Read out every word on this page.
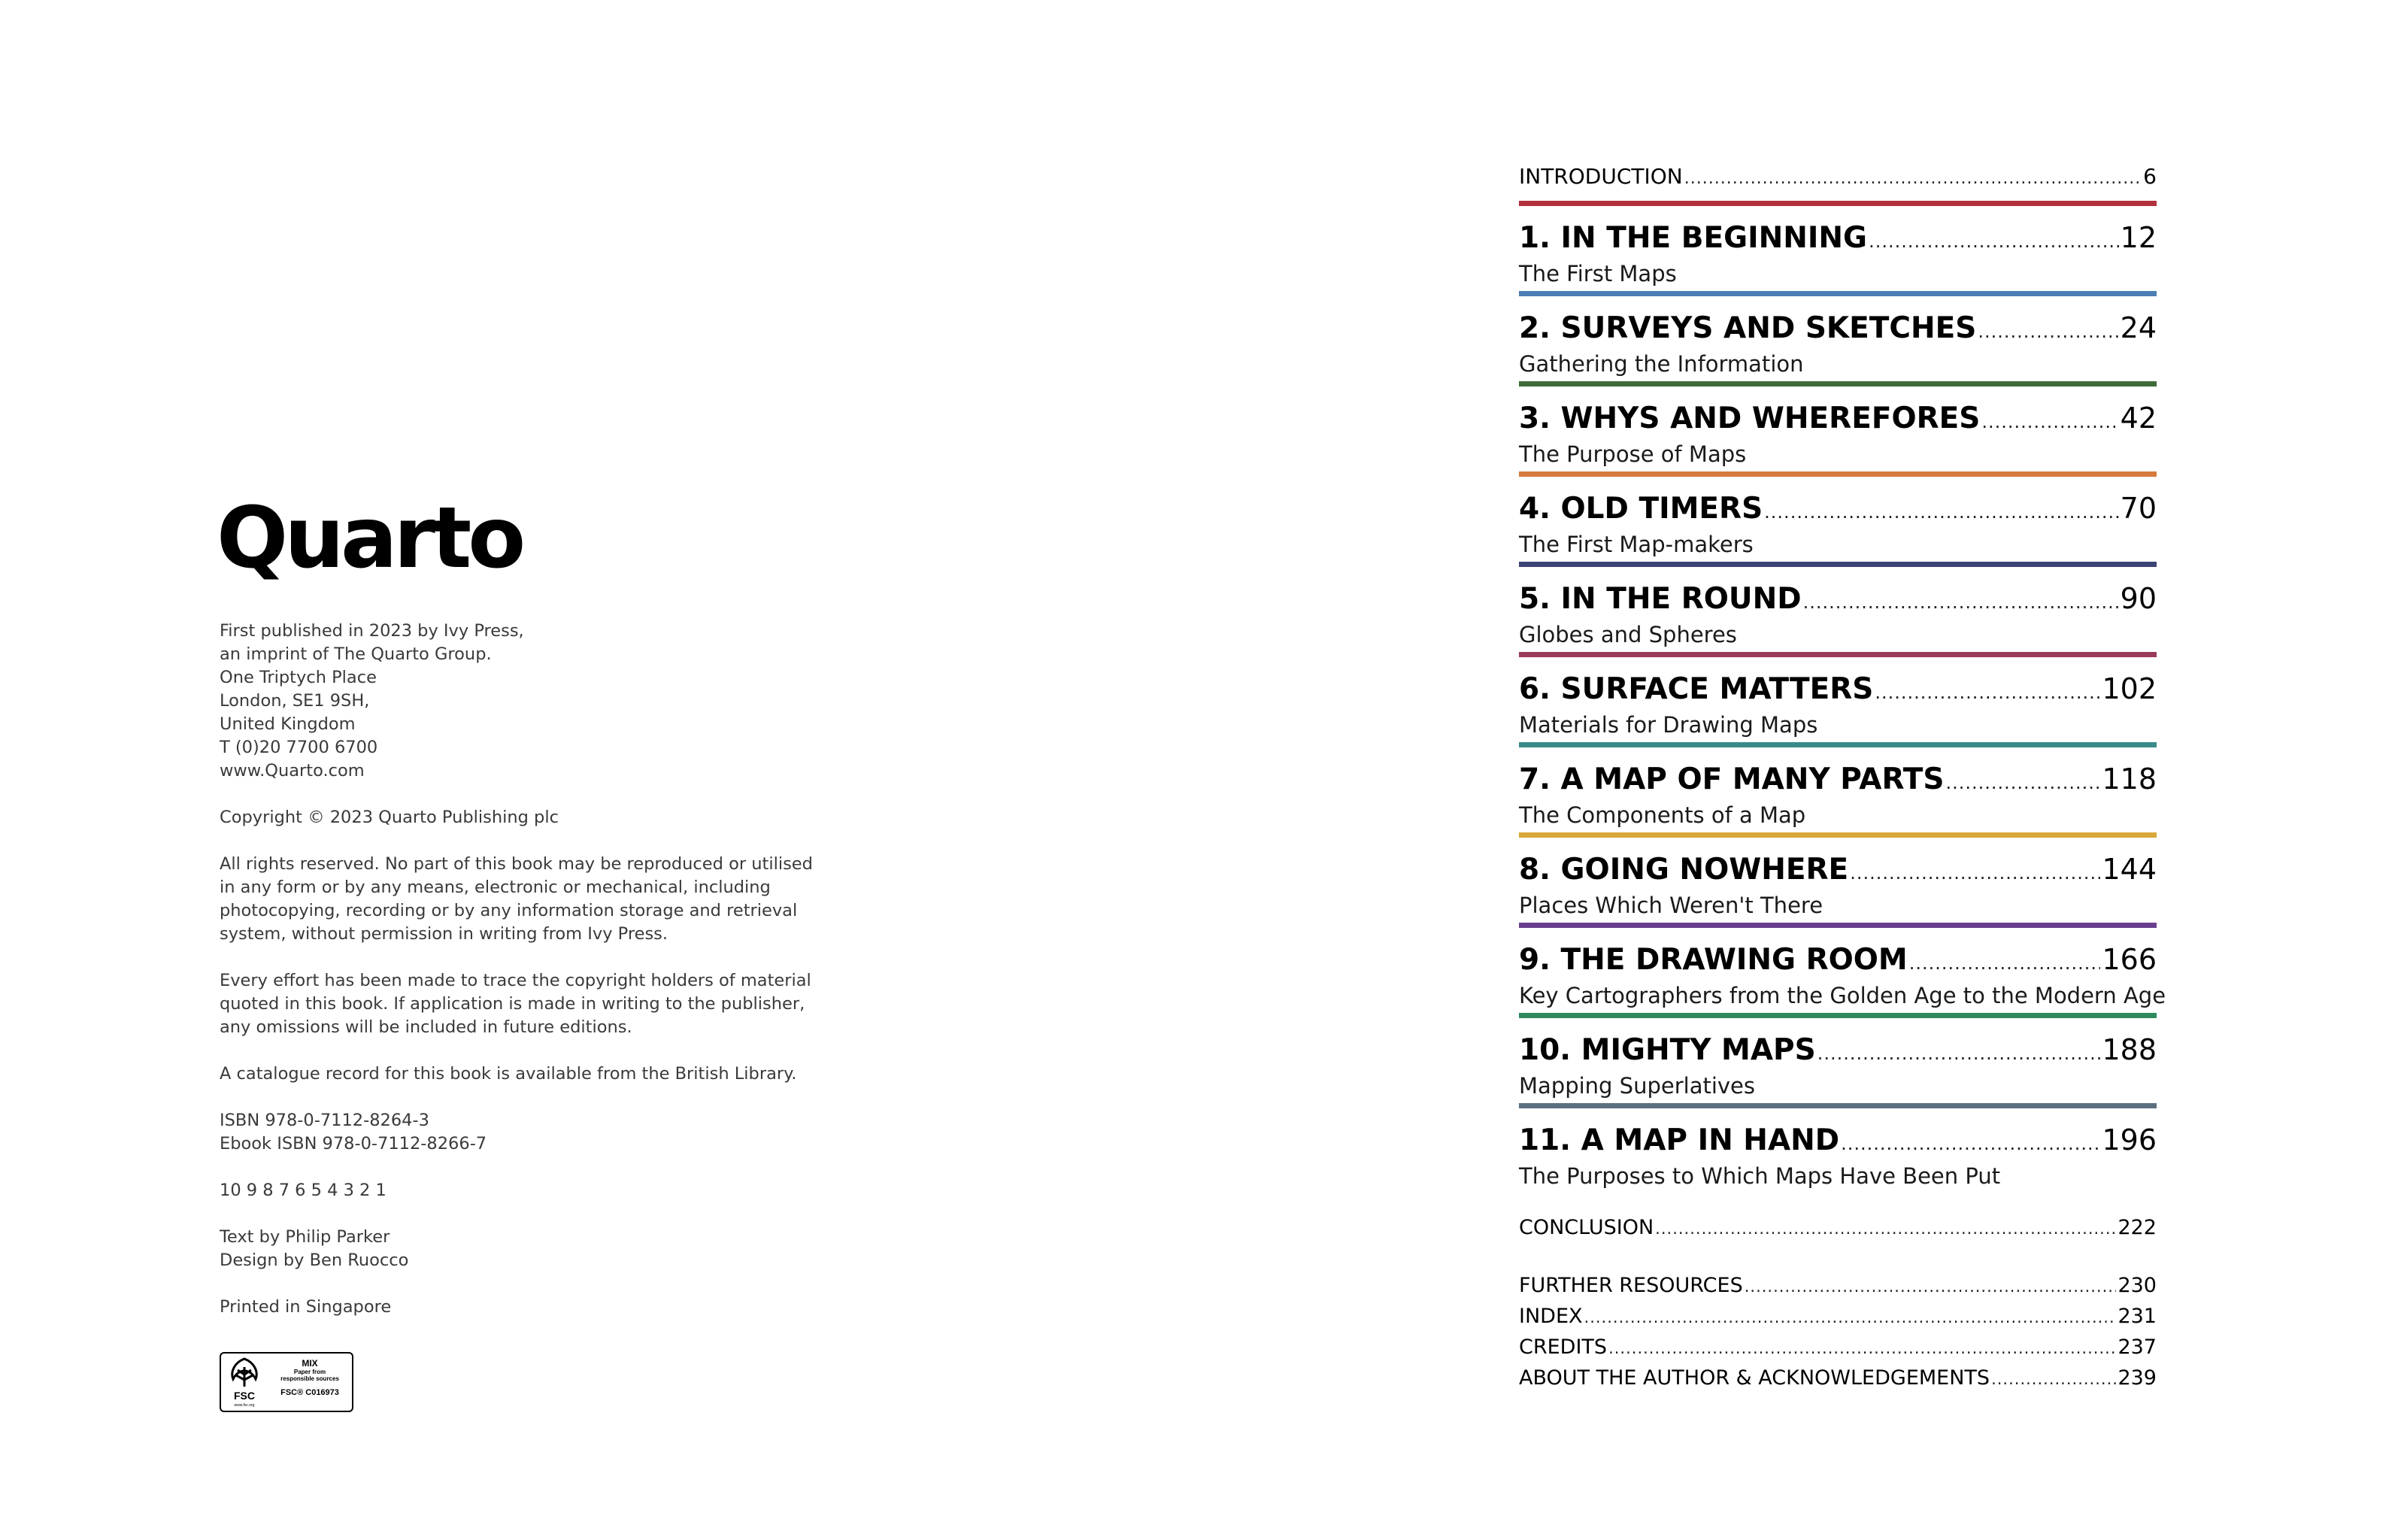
Quarto
First published in 2023 by Ivy Press,
an imprint of The Quarto Group.
One Triptych Place
London, SE1 9SH,
United Kingdom
T (0)20 7700 6700
www.Quarto.com
Copyright © 2023 Quarto Publishing plc
All rights reserved. No part of this book may be reproduced or utilised
in any form or by any means, electronic or mechanical, including
photocopying, recording or by any information storage and retrieval
system, without permission in writing from Ivy Press.
Every effort has been made to trace the copyright holders of material
quoted in this book. If application is made in writing to the publisher,
any omissions will be included in future editions.
A catalogue record for this book is available from the British Library.
ISBN 978-0-7112-8264-3
Ebook ISBN 978-0-7112-8266-7
10 9 8 7 6 5 4 3 2 1
Text by Philip Parker
Design by Ben Ruocco
Printed in Singapore
FSC
www.fsc.org
MIX
Paper from
responsible sources
FSC® C016973
INTRODUCTION .....	6
1. IN THE BEGINNING .....	12
The First Maps
2. SURVEYS AND SKETCHES .....	24
Gathering the Information
3. WHYS AND WHEREFORES .....	42
The Purpose of Maps
4. OLD TIMERS .....	70
The First Map-makers
5. IN THE ROUND .....	90
Globes and Spheres
6. SURFACE MATTERS .....	102
Materials for Drawing Maps
7. A MAP OF MANY PARTS .....	118
The Components of a Map
8. GOING NOWHERE .....	144
Places Which Weren't There
9. THE DRAWING ROOM .....	166
Key Cartographers from the Golden Age to the Modern Age
10. MIGHTY MAPS .....	188
Mapping Superlatives
11. A MAP IN HAND .....	196
The Purposes to Which Maps Have Been Put
CONCLUSION .....	222
FURTHER RESOURCES .....	230
INDEX .....	231
CREDITS .....	237
ABOUT THE AUTHOR & ACKNOWLEDGEMENTS .....	239
